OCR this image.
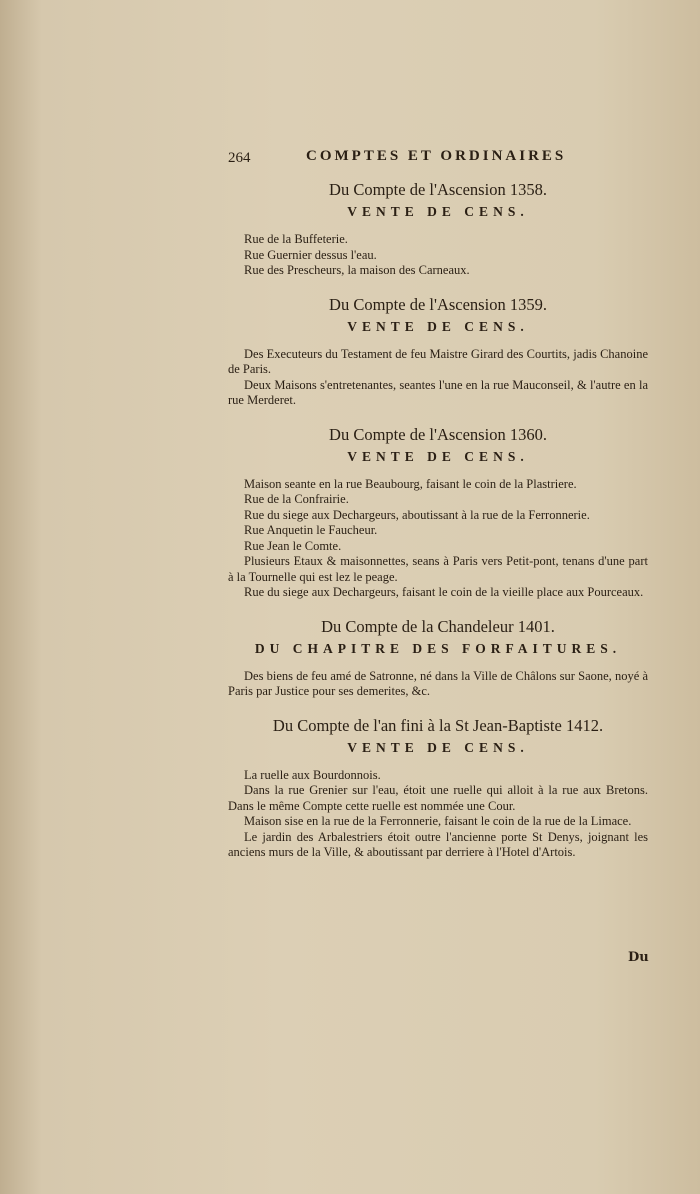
264	COMPTES ET ORDINAIRES
Du Compte de l'Ascension 1358.
VENTE DE CENS.

Rue de la Buffeterie.

Rue Guernier dessus l'eau.

Rue des Prescheurs, la maison des Carneaux.

Du Compte de l'Ascension 1359.
VENTE DE CENS.

Des Executeurs du Testament de feu Maistre Girard des Courtits, jadis Chanoine de Paris.

Deux Maisons s'entretenantes, seantes l'une en la rue Mauconseil, & l'autre en la rue Merderet.

Du Compte de l'Ascension 1360.
VENTE DE CENS.

Maison seante en la rue Beaubourg, faisant le coin de la Plastriere.

Rue de la Confrairie.

Rue du siege aux Dechargeurs, aboutissant à la rue de la Ferronnerie.

Rue Anquetin le Faucheur.

Rue Jean le Comte.

Plusieurs Etaux & maisonnettes, seans à Paris vers Petit-pont, tenans d'une part à la Tournelle qui est lez le peage.

Rue du siege aux Dechargeurs, faisant le coin de la vieille place aux Pourceaux.

Du Compte de la Chandeleur 1401.
DU CHAPITRE DES FORFAITURES.

Des biens de feu amé de Satronne, né dans la Ville de Châlons sur Saone, noyé à Paris par Justice pour ses demerites, &c.

Du Compte de l'an fini à la St Jean-Baptiste 1412.
VENTE DE CENS.

La ruelle aux Bourdonnois.

Dans la rue Grenier sur l'eau, étoit une ruelle qui alloit à la rue aux Bretons. Dans le même Compte cette ruelle est nommée une Cour.

Maison sise en la rue de la Ferronnerie, faisant le coin de la rue de la Limace.

Le jardin des Arbalestriers étoit outre l'ancienne porte St Denys, joignant les anciens murs de la Ville, & aboutissant par derriere à l'Hotel d'Artois.

Du
